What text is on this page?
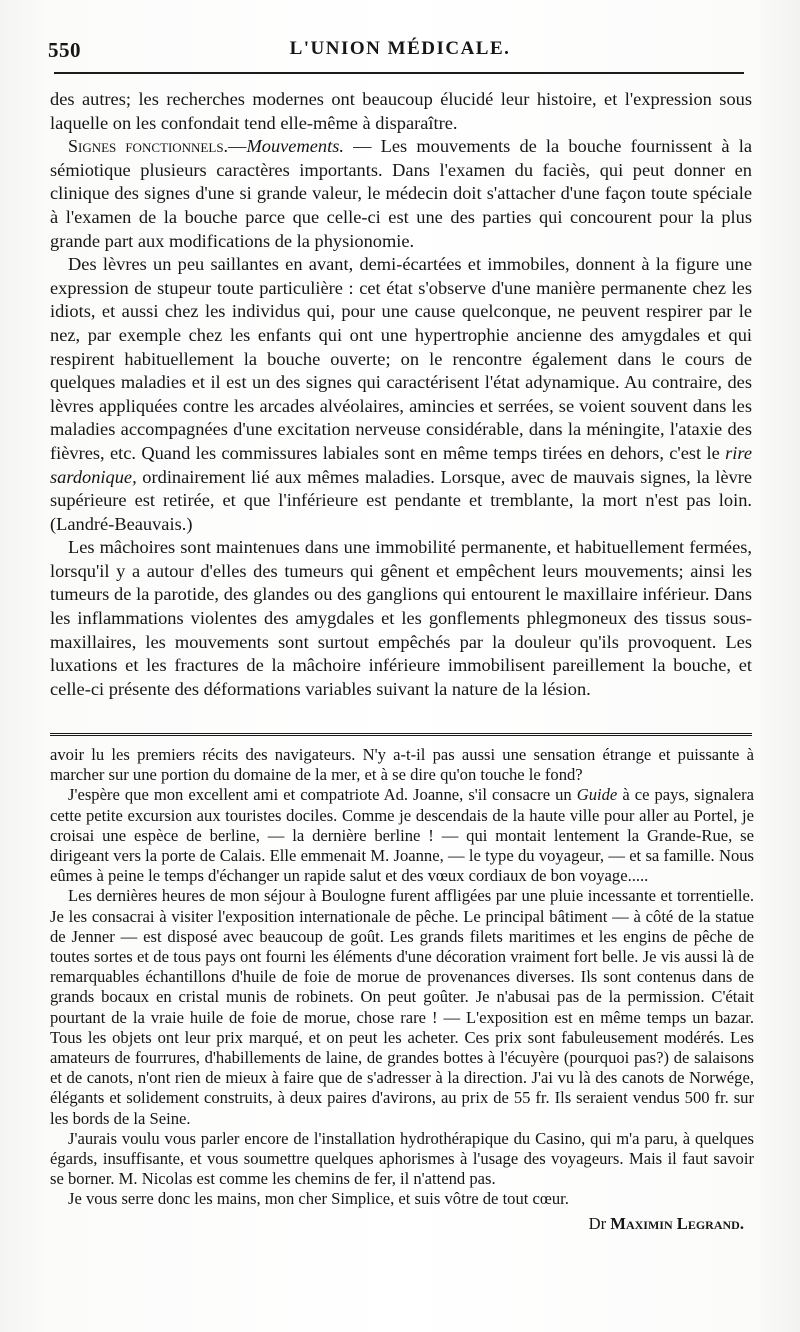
550	L'UNION MÉDICALE.

des autres; les recherches modernes ont beaucoup élucidé leur histoire, et l'expression sous laquelle on les confondait tend elle-même à disparaître.

Signes fonctionnels.—Mouvements. — Les mouvements de la bouche fournissent à la sémiotique plusieurs caractères importants. Dans l'examen du faciès, qui peut donner en clinique des signes d'une si grande valeur, le médecin doit s'attacher d'une façon toute spéciale à l'examen de la bouche parce que celle-ci est une des parties qui concourent pour la plus grande part aux modifications de la physionomie.

Des lèvres un peu saillantes en avant, demi-écartées et immobiles, donnent à la figure une expression de stupeur toute particulière : cet état s'observe d'une manière permanente chez les idiots, et aussi chez les individus qui, pour une cause quelconque, ne peuvent respirer par le nez, par exemple chez les enfants qui ont une hypertrophie ancienne des amygdales et qui respirent habituellement la bouche ouverte; on le rencontre également dans le cours de quelques maladies et il est un des signes qui caractérisent l'état adynamique. Au contraire, des lèvres appliquées contre les arcades alvéolaires, amincies et serrées, se voient souvent dans les maladies accompagnées d'une excitation nerveuse considérable, dans la méningite, l'ataxie des fièvres, etc. Quand les commissures labiales sont en même temps tirées en dehors, c'est le rire sardonique, ordinairement lié aux mêmes maladies. Lorsque, avec de mauvais signes, la lèvre supérieure est retirée, et que l'inférieure est pendante et tremblante, la mort n'est pas loin. (Landré-Beauvais.)

Les mâchoires sont maintenues dans une immobilité permanente, et habituellement fermées, lorsqu'il y a autour d'elles des tumeurs qui gênent et empêchent leurs mouvements; ainsi les tumeurs de la parotide, des glandes ou des ganglions qui entourent le maxillaire inférieur. Dans les inflammations violentes des amygdales et les gonflements phlegmoneux des tissus sous-maxillaires, les mouvements sont surtout empêchés par la douleur qu'ils provoquent. Les luxations et les fractures de la mâchoire inférieure immobilisent pareillement la bouche, et celle-ci présente des déformations variables suivant la nature de la lésion.

avoir lu les premiers récits des navigateurs. N'y a-t-il pas aussi une sensation étrange et puissante à marcher sur une portion du domaine de la mer, et à se dire qu'on touche le fond?

J'espère que mon excellent ami et compatriote Ad. Joanne, s'il consacre un Guide à ce pays, signalera cette petite excursion aux touristes dociles. Comme je descendais de la haute ville pour aller au Portel, je croisai une espèce de berline, — la dernière berline ! — qui montait lentement la Grande-Rue, se dirigeant vers la porte de Calais. Elle emmenait M. Joanne, — le type du voyageur, — et sa famille. Nous eûmes à peine le temps d'échanger un rapide salut et des vœux cordiaux de bon voyage.....

Les dernières heures de mon séjour à Boulogne furent affligées par une pluie incessante et torrentielle. Je les consacrai à visiter l'exposition internationale de pêche. Le principal bâtiment — à côté de la statue de Jenner — est disposé avec beaucoup de goût. Les grands filets maritimes et les engins de pêche de toutes sortes et de tous pays ont fourni les éléments d'une décoration vraiment fort belle. Je vis aussi là de remarquables échantillons d'huile de foie de morue de provenances diverses. Ils sont contenus dans de grands bocaux en cristal munis de robinets. On peut goûter. Je n'abusai pas de la permission. C'était pourtant de la vraie huile de foie de morue, chose rare ! — L'exposition est en même temps un bazar. Tous les objets ont leur prix marqué, et on peut les acheter. Ces prix sont fabuleusement modérés. Les amateurs de fourrures, d'habillements de laine, de grandes bottes à l'écuyère (pourquoi pas?) de salaisons et de canots, n'ont rien de mieux à faire que de s'adresser à la direction. J'ai vu là des canots de Norwége, élégants et solidement construits, à deux paires d'avirons, au prix de 55 fr. Ils seraient vendus 500 fr. sur les bords de la Seine.

J'aurais voulu vous parler encore de l'installation hydrothérapique du Casino, qui m'a paru, à quelques égards, insuffisante, et vous soumettre quelques aphorismes à l'usage des voyageurs. Mais il faut savoir se borner. M. Nicolas est comme les chemins de fer, il n'attend pas.

Je vous serre donc les mains, mon cher Simplice, et suis vôtre de tout cœur.

Dr Maximin Legrand.
